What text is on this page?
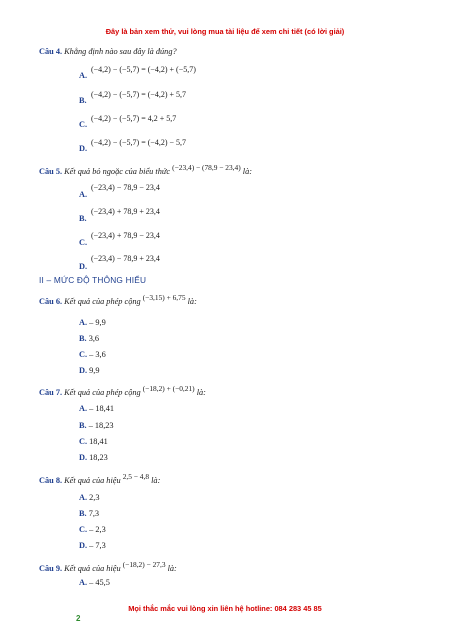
Đây là bản xem thử, vui lòng mua tài liệu để xem chi tiết (có lời giải)
Câu 4. Khẳng định nào sau đây là đúng?
A.
(−4,2) − (−5,7) = (−4,2) + (−5,7)
B.
(−4,2) − (−5,7) = (−4,2) + 5,7
C.
(−4,2) − (−5,7) = 4,2 + 5,7
D.
(−4,2) − (−5,7) = (−4,2) − 5,7
Câu 5. Kết quả bỏ ngoặc của biểu thức (−23,4) − (78,9 − 23,4) là:
A.
(−23,4) − 78,9 − 23,4
B.
(−23,4) + 78,9 + 23,4
C.
(−23,4) + 78,9 − 23,4
D.
(−23,4) − 78,9 + 23,4
II – MỨC ĐỘ THÔNG HIỂU
Câu 6. Kết quả của phép cộng (−3,15) + 6,75 là:
A. – 9,9
B. 3,6
C. – 3,6
D. 9,9
Câu 7. Kết quả của phép cộng (−18,2) + (−0,21) là:
A. – 18,41
B. – 18,23
C. 18,41
D. 18,23
Câu 8. Kết quả của hiệu 2,5 − 4,8 là:
A. 2,3
B. 7,3
C. – 2,3
D. – 7,3
Câu 9. Kết quả của hiệu (−18,2) − 27,3 là:
A. – 45,5
Mọi thắc mắc vui lòng xin liên hệ hotline: 084 283 45 85
2
